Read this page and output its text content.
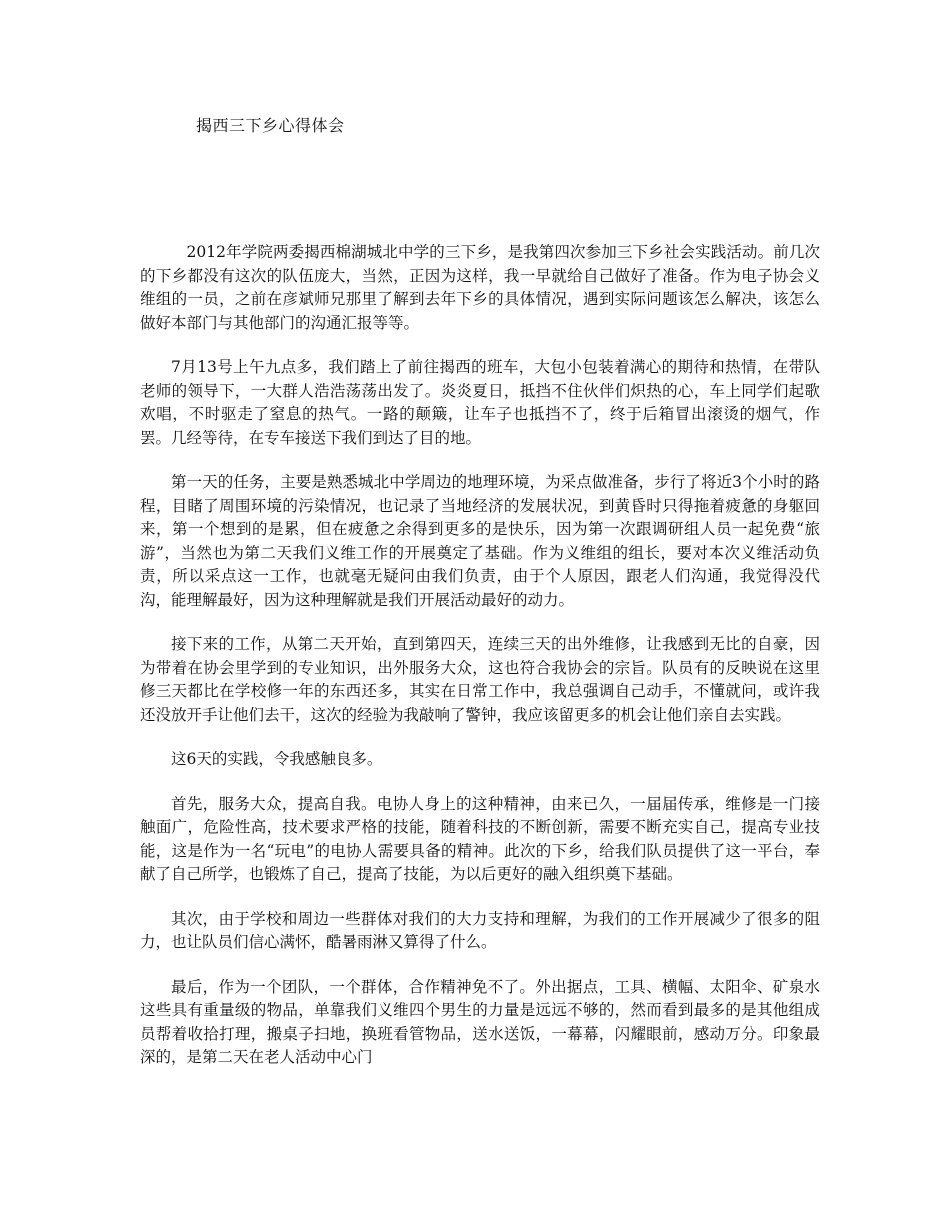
揭西三下乡心得体会

2012年学院两委揭西棉湖城北中学的三下乡，是我第四次参加三下乡社会实践活动。前几次的下乡都没有这次的队伍庞大，当然，正因为这样，我一早就给自己做好了准备。作为电子协会义维组的一员，之前在彦斌师兄那里了解到去年下乡的具体情况，遇到实际问题该怎么解决，该怎么做好本部门与其他部门的沟通汇报等等。

7月13号上午九点多，我们踏上了前往揭西的班车，大包小包装着满心的期待和热情，在带队老师的领导下，一大群人浩浩荡荡出发了。炎炎夏日，抵挡不住伙伴们炽热的心，车上同学们起歌欢唱，不时驱走了窒息的热气。一路的颠簸，让车子也抵挡不了，终于后箱冒出滚烫的烟气，作罢。几经等待，在专车接送下我们到达了目的地。

第一天的任务，主要是熟悉城北中学周边的地理环境，为采点做准备，步行了将近3个小时的路程，目睹了周围环境的污染情况，也记录了当地经济的发展状况，到黄昏时只得拖着疲惫的身躯回来，第一个想到的是累，但在疲惫之余得到更多的是快乐，因为第一次跟调研组人员一起免费“旅游”，当然也为第二天我们义维工作的开展奠定了基础。作为义维组的组长，要对本次义维活动负责，所以采点这一工作，也就毫无疑问由我们负责，由于个人原因，跟老人们沟通，我觉得没代沟，能理解最好，因为这种理解就是我们开展活动最好的动力。

接下来的工作，从第二天开始，直到第四天，连续三天的出外维修，让我感到无比的自豪，因为带着在协会里学到的专业知识，出外服务大众，这也符合我协会的宗旨。队员有的反映说在这里修三天都比在学校修一年的东西还多，其实在日常工作中，我总强调自己动手，不懂就问，或许我还没放开手让他们去干，这次的经验为我敲响了警钟，我应该留更多的机会让他们亲自去实践。

这6天的实践，令我感触良多。

首先，服务大众，提高自我。电协人身上的这种精神，由来已久，一届届传承，维修是一门接触面广，危险性高，技术要求严格的技能，随着科技的不断创新，需要不断充实自己，提高专业技能，这是作为一名“玩电”的电协人需要具备的精神。此次的下乡，给我们队员提供了这一平台，奉献了自己所学，也锻炼了自己，提高了技能，为以后更好的融入组织奠下基础。

其次，由于学校和周边一些群体对我们的大力支持和理解，为我们的工作开展减少了很多的阻力，也让队员们信心满怀，酷暑雨淋又算得了什么。

最后，作为一个团队，一个群体，合作精神免不了。外出据点，工具、横幅、太阳伞、矿泉水这些具有重量级的物品，单靠我们义维四个男生的力量是远远不够的，然而看到最多的是其他组成员帮着收拾打理，搬桌子扫地，换班看管物品，送水送饭，一幕幕，闪耀眼前，感动万分。印象最深的，是第二天在老人活动中心门
